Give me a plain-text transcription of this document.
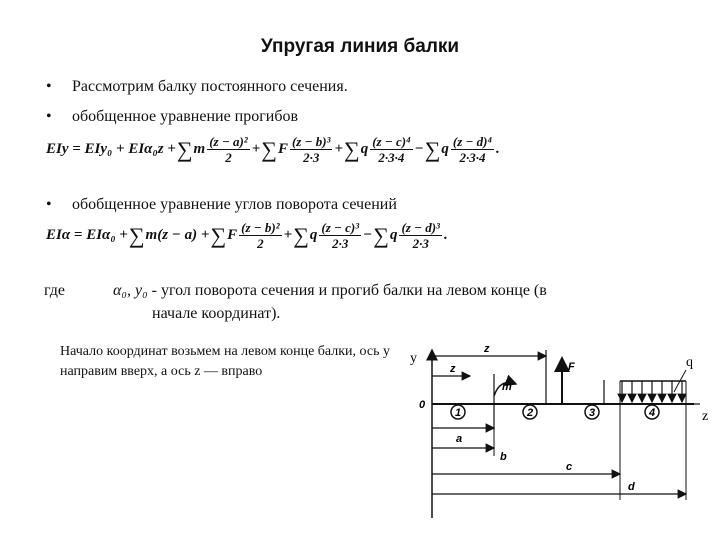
Упругая линия балки
• Рассмотрим балку постоянного сечения.
• обобщенное уравнение прогибов
EIy = EIy₀ + EIα₀z + ∑ m $\frac{\text{(z − a)²}}{2}$ + ∑ F $\frac{\text{(z − b)³}}{2\cdot 3}$ + ∑ q $\frac{\text{(z − c)⁴}}{2\cdot 3\cdot 4}$ − ∑ q $\frac{\text{(z − d)⁴}}{2\cdot 3\cdot 4}$ .
• обобщенное уравнение углов поворота сечений
EIα = EIα₀ + ∑ m(z − a) + ∑ F $\frac{\text{(z − b)²}}{2}$ + ∑ q $\frac{\text{(z − c)³}}{2\cdot 3}$ − ∑ q $\frac{\text{(z − d)³}}{2\cdot 3}$ .
где	α₀, y₀ - угол поворота сечения и прогиб балки на левом конце (в
начале координат).
Начало координат возьмем на левом конце балки, ось y направим вверх, а ось z — вправо
y
z
0
z
z
m
F	q
1	2	3	4
a
b
c
d
